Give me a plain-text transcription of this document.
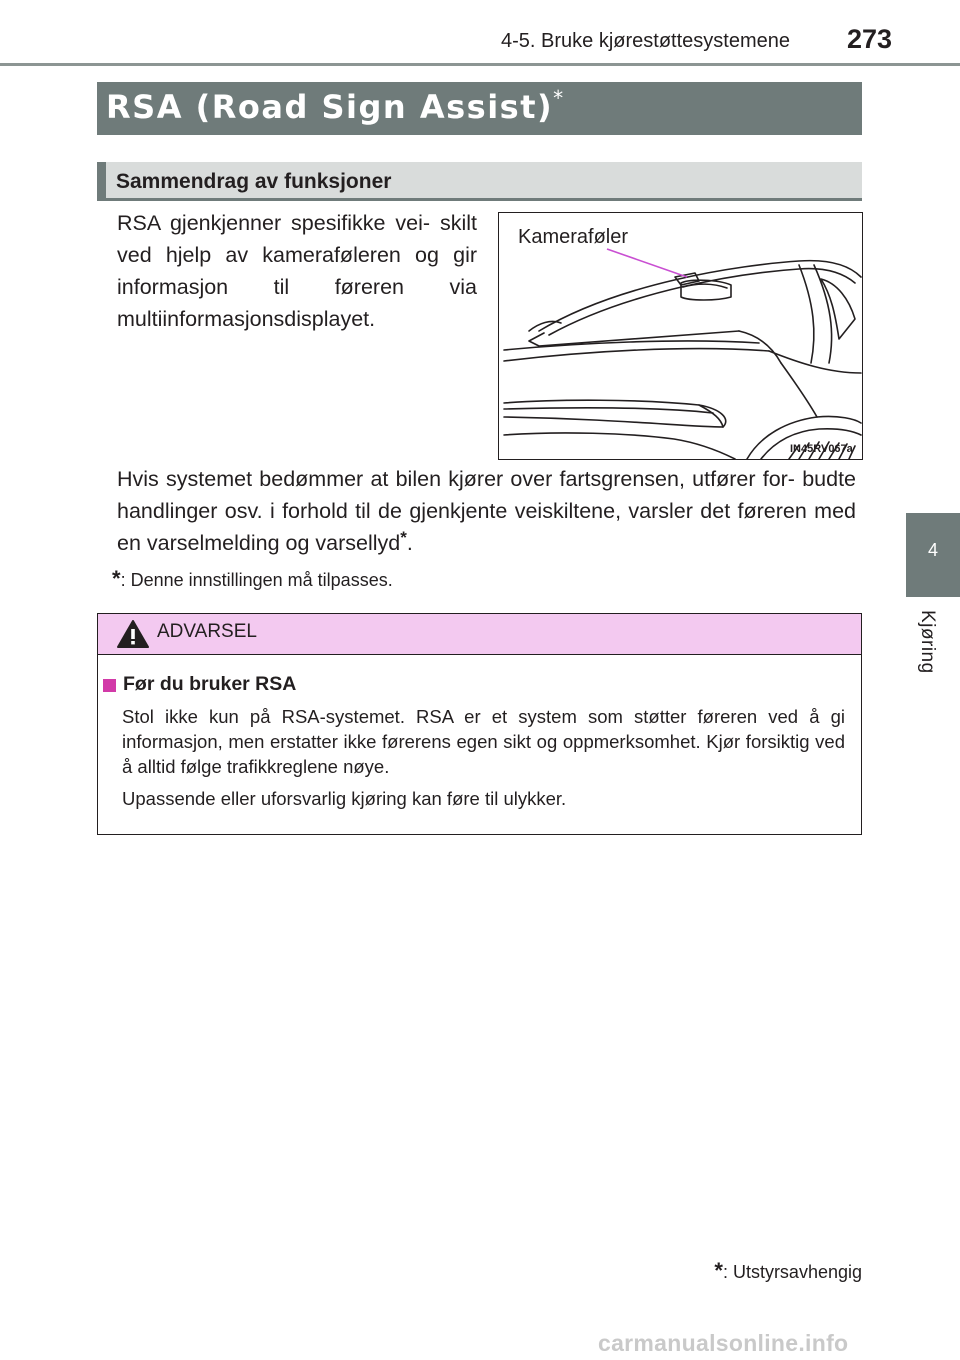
4-5. Bruke kjørestøttesystemene 273
4
Kjøring
RSA (Road Sign Assist)*
Sammendrag av funksjoner
RSA gjenkjenner spesifikke vei- skilt ved hjelp av kameraføleren og gir informasjon til føreren via multiinformasjonsdisplayet.
Kameraføler
IN45RV067a
Hvis systemet bedømmer at bilen kjører over fartsgrensen, utfører for- budte handlinger osv. i forhold til de gjenkjente veiskiltene, varsler det føreren med en varselmelding og varsellyd*.
*: Denne innstillingen må tilpasses.
ADVARSEL
Før du bruker RSA

Stol ikke kun på RSA-systemet. RSA er et system som støtter føreren ved å gi informasjon, men erstatter ikke førerens egen sikt og oppmerksomhet. Kjør forsiktig ved å alltid følge trafikkreglene nøye.

Upassende eller uforsvarlig kjøring kan føre til ulykker.

*: Utstyrsavhengig
carmanualsonline.info
